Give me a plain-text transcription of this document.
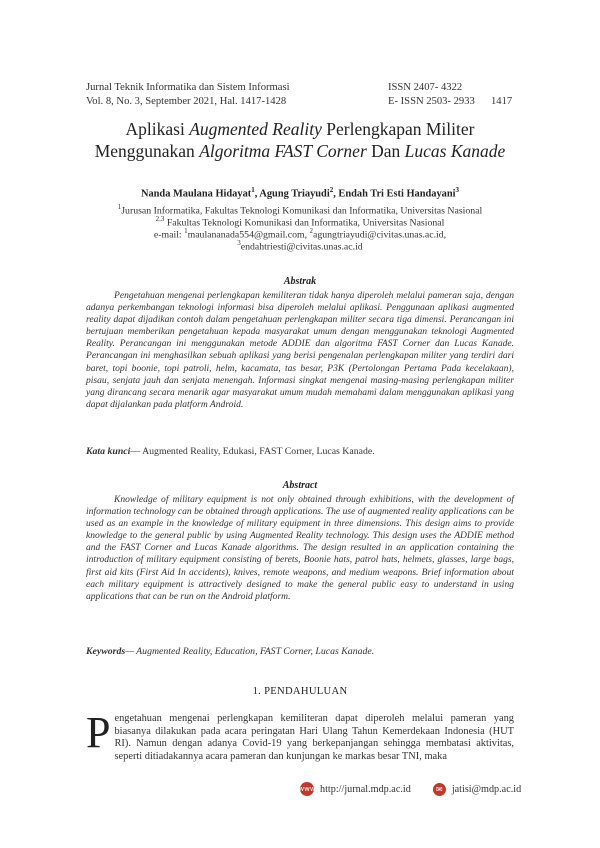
Jurnal Teknik Informatika dan Sistem Informasi	ISSN 2407- 4322
Vol. 8, No. 3, September 2021, Hal. 1417-1428	E- ISSN 2503- 2933 1417
Aplikasi Augmented Reality Perlengkapan Militer
Menggunakan Algoritma FAST Corner Dan Lucas Kanade
Nanda Maulana Hidayat$^1$, Agung Triayudi$^2$, Endah Tri Esti Handayani$^3$
$^1$Jurusan Informatika, Fakultas Teknologi Komunikasi dan Informatika, Universitas Nasional
$^{2,3}$ Fakultas Teknologi Komunikasi dan Informatika, Universitas Nasional
e-mail: $^1$maulananada554@gmail.com, $^2$agungtriayudi@civitas.unas.ac.id,
$^3$endahtriesti@civitas.unas.ac.id
Abstrak

Pengetahuan mengenai perlengkapan kemiliteran tidak hanya diperoleh melalui pameran saja, dengan adanya perkembangan teknologi informasi bisa diperoleh melalui aplikasi. Penggunaan aplikasi augmented reality dapat dijadikan contoh dalam pengetahuan perlengkapan militer secara tiga dimensi. Perancangan ini bertujuan memberikan pengetahuan kepada masyarakat umum dengan menggunakan teknologi Augmented Reality. Perancangan ini menggunakan metode ADDIE dan algoritma FAST Corner dan Lucas Kanade. Perancangan ini menghasilkan sebuah aplikasi yang berisi pengenalan perlengkapan militer yang terdiri dari baret, topi boonie, topi patroli, helm, kacamata, tas besar, P3K (Pertolongan Pertama Pada kecelakaan), pisau, senjata jauh dan senjata menengah. Informasi singkat mengenai masing-masing perlengkapan militer yang dirancang secara menarik agar masyarakat umum mudah memahami dalam menggunakan aplikasi yang dapat dijalankan pada platform Android.

Kata kunci— Augmented Reality, Edukasi, FAST Corner, Lucas Kanade.
Abstract

Knowledge of military equipment is not only obtained through exhibitions, with the development of information technology can be obtained through applications. The use of augmented reality applications can be used as an example in the knowledge of military equipment in three dimensions. This design aims to provide knowledge to the general public by using Augmented Reality technology. This design uses the ADDIE method and the FAST Corner and Lucas Kanade algorithms. The design resulted in an application containing the introduction of military equipment consisting of berets, Boonie hats, patrol hats, helmets, glasses, large bags, first aid kits (First Aid In accidents), knives, remote weapons, and medium weapons. Brief information about each military equipment is attractively designed to make the general public easy to understand in using applications that can be run on the Android platform.

Keywords— Augmented Reality, Education, FAST Corner, Lucas Kanade.
1. PENDAHULUAN
Pengetahuan mengenai perlengkapan kemiliteran dapat diperoleh melalui pameran yang biasanya dilakukan pada acara peringatan Hari Ulang Tahun Kemerdekaan Indonesia (HUT RI). Namun dengan adanya Covid-19 yang berkepanjangan sehingga membatasi aktivitas, seperti ditiadakannya acara pameran dan kunjungan ke markas besar TNI, maka
www http://jurnal.mdp.ac.id	✉ jatisi@mdp.ac.id
